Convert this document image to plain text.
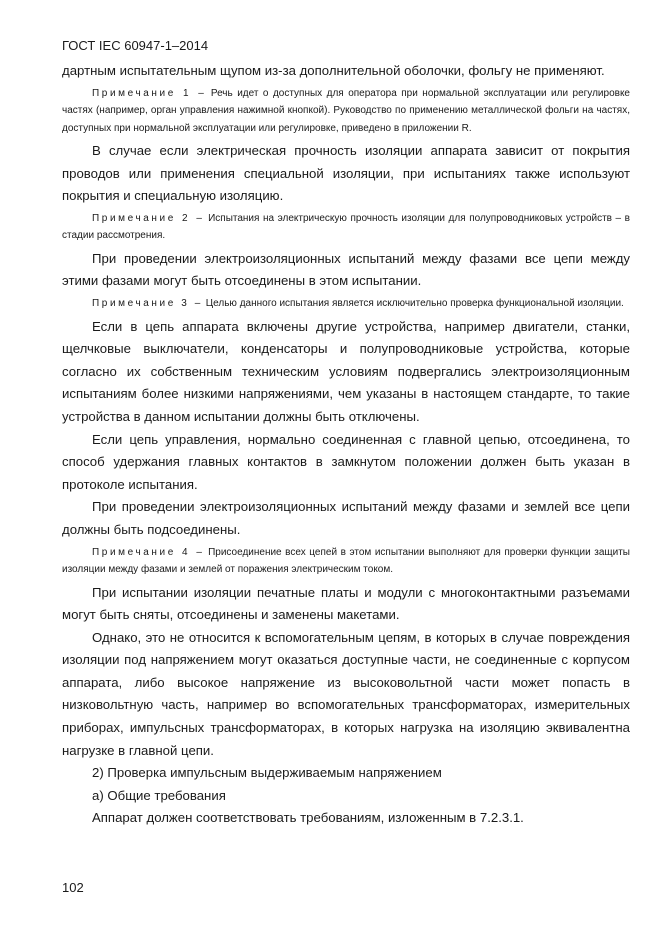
ГОСТ IEC 60947-1–2014

дартным испытательным щупом из-за дополнительной оболочки, фольгу не применяют.

Примечание 1 – Речь идет о доступных для оператора при нормальной эксплуатации или регулировке частях (например, орган управления нажимной кнопкой). Руководство по применению металлической фольги на частях, доступных при нормальной эксплуатации или регулировке, приведено в приложении R.

В случае если электрическая прочность изоляции аппарата зависит от покрытия проводов или применения специальной изоляции, при испытаниях также используют покрытия и специальную изоляцию.

Примечание 2 – Испытания на электрическую прочность изоляции для полупроводниковых устройств – в стадии рассмотрения.

При проведении электроизоляционных испытаний между фазами все цепи между этими фазами могут быть отсоединены в этом испытании.

Примечание 3 – Целью данного испытания является исключительно проверка функциональной изоляции.

Если в цепь аппарата включены другие устройства, например двигатели, станки, щелчковые выключатели, конденсаторы и полупроводниковые устройства, которые согласно их собственным техническим условиям подвергались электроизоляционным испытаниям более низкими напряжениями, чем указаны в настоящем стандарте, то такие устройства в данном испытании должны быть отключены.

Если цепь управления, нормально соединенная с главной цепью, отсоединена, то способ удержания главных контактов в замкнутом положении должен быть указан в протоколе испытания.

При проведении электроизоляционных испытаний между фазами и землей все цепи должны быть подсоединены.

Примечание 4 – Присоединение всех цепей в этом испытании выполняют для проверки функции защиты изоляции между фазами и землей от поражения электрическим током.

При испытании изоляции печатные платы и модули с многоконтактными разъемами могут быть сняты, отсоединены и заменены макетами.

Однако, это не относится к вспомогательным цепям, в которых в случае повреждения изоляции под напряжением могут оказаться доступные части, не соединенные с корпусом аппарата, либо высокое напряжение из высоковольтной части может попасть в низковольтную часть, например во вспомогательных трансформаторах, измерительных приборах, импульсных трансформаторах, в которых нагрузка на изоляцию эквивалентна нагрузке в главной цепи.

2) Проверка импульсным выдерживаемым напряжением

а) Общие требования

Аппарат должен соответствовать требованиям, изложенным в 7.2.3.1.

102
